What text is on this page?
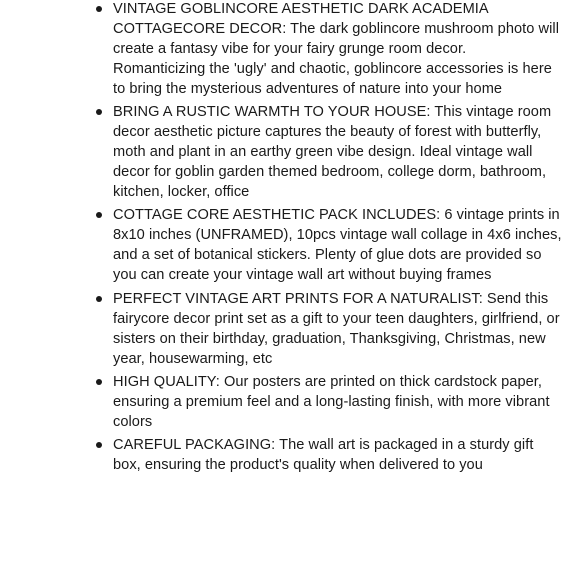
VINTAGE GOBLINCORE AESTHETIC DARK ACADEMIA COTTAGECORE DECOR: The dark goblincore mushroom photo will create a fantasy vibe for your fairy grunge room decor. Romanticizing the 'ugly' and chaotic, goblincore accessories is here to bring the mysterious adventures of nature into your home
BRING A RUSTIC WARMTH TO YOUR HOUSE: This vintage room decor aesthetic picture captures the beauty of forest with butterfly, moth and plant in an earthy green vibe design. Ideal vintage wall decor for goblin garden themed bedroom, college dorm, bathroom, kitchen, locker, office
COTTAGE CORE AESTHETIC PACK INCLUDES: 6 vintage prints in 8x10 inches (UNFRAMED), 10pcs vintage wall collage in 4x6 inches, and a set of botanical stickers. Plenty of glue dots are provided so you can create your vintage wall art without buying frames
PERFECT VINTAGE ART PRINTS FOR A NATURALIST: Send this fairycore decor print set as a gift to your teen daughters, girlfriend, or sisters on their birthday, graduation, Thanksgiving, Christmas, new year, housewarming, etc
HIGH QUALITY: Our posters are printed on thick cardstock paper, ensuring a premium feel and a long-lasting finish, with more vibrant colors
CAREFUL PACKAGING: The wall art is packaged in a sturdy gift box, ensuring the product's quality when delivered to you
